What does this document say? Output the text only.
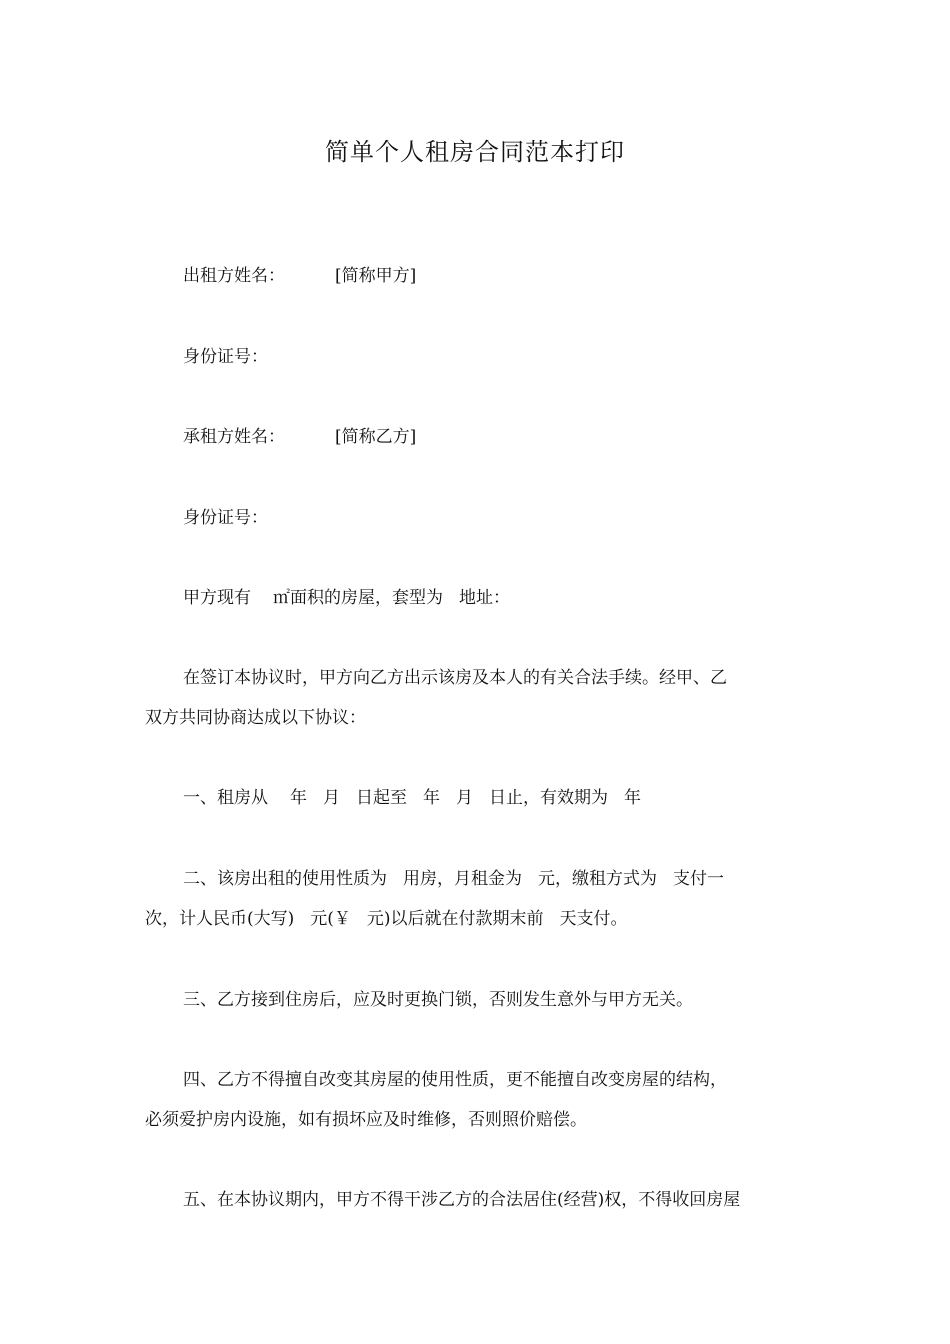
简单个人租房合同范本打印
出租方姓名：	[简称甲方]
身份证号：
承租方姓名：	[简称乙方]
身份证号：
甲方现有 ㎡面积的房屋，套型为 地址：
在签订本协议时，甲方向乙方出示该房及本人的有关合法手续。经甲、乙
双方共同协商达成以下协议：
一、租房从 年 月 日起至 年 月 日止，有效期为 年
二、该房出租的使用性质为 用房，月租金为 元，缴租方式为 支付一
次，计人民币(大写) 元(￥ 元)以后就在付款期末前 天支付。
三、乙方接到住房后，应及时更换门锁，否则发生意外与甲方无关。
四、乙方不得擅自改变其房屋的使用性质，更不能擅自改变房屋的结构，
必须爱护房内设施，如有损坏应及时维修，否则照价赔偿。
五、在本协议期内，甲方不得干涉乙方的合法居住(经营)权，不得收回房屋
